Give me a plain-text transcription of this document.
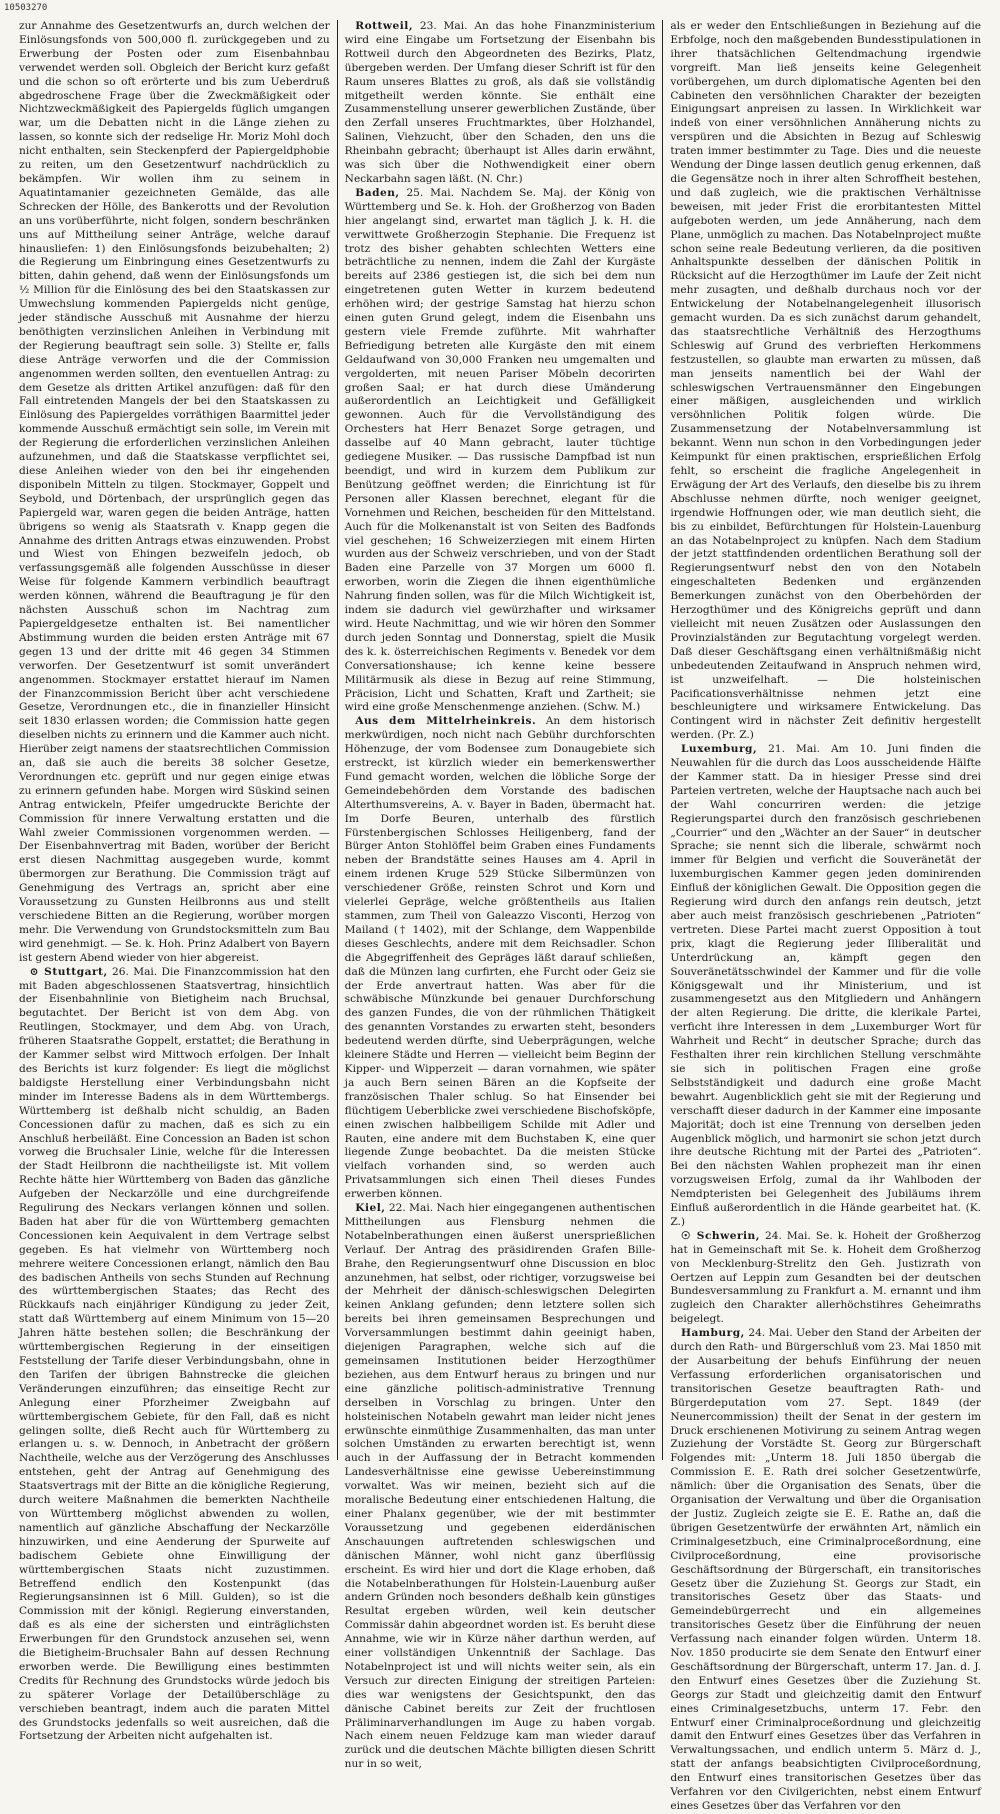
10503270

zur Annahme des Gesetzentwurfs an, durch welchen der Einlösungsfonds von 500,000 fl. zurückgegeben und zu Erwerbung der Posten oder zum Eisenbahnbau verwendet werden soll. Obgleich der Bericht kurz gefaßt und die schon so oft erörterte und bis zum Ueberdruß abgedroschene Frage über die Zweckmäßigkeit oder Nichtzweckmäßigkeit des Papiergelds füglich umgangen war, um die Debatten nicht in die Länge ziehen zu lassen, so konnte sich der redselige Hr. Moriz Mohl doch nicht enthalten, sein Steckenpferd der Papiergeldphobie zu reiten, um den Gesetzentwurf nachdrücklich zu bekämpfen. Wir wollen ihm zu seinem in Aquatintamanier gezeichneten Gemälde, das alle Schrecken der Hölle, des Bankerotts und der Revolution an uns vorüberführte, nicht folgen, sondern beschränken uns auf Mittheilung seiner Anträge, welche darauf hinausliefen: 1) den Einlösungsfonds beizubehalten; 2) die Regierung um Einbringung eines Gesetzentwurfs zu bitten, dahin gehend, daß wenn der Einlösungsfonds um ½ Million für die Einlösung des bei den Staatskassen zur Umwechslung kommenden Papiergelds nicht genüge, jeder ständische Ausschuß mit Ausnahme der hierzu benöthigten verzinslichen Anleihen in Verbindung mit der Regierung beauftragt sein solle. 3) Stellte er, falls diese Anträge verworfen und die der Commission angenommen werden sollten, den eventuellen Antrag: zu dem Gesetze als dritten Artikel anzufügen: daß für den Fall eintretenden Mangels der bei den Staatskassen zu Einlösung des Papiergeldes vorräthigen Baarmittel jeder kommende Ausschuß ermächtigt sein solle, im Verein mit der Regierung die erforderlichen verzinslichen Anleihen aufzunehmen, und daß die Staatskasse verpflichtet sei, diese Anleihen wieder von den bei ihr eingehenden disponibeln Mitteln zu tilgen. Stockmayer, Goppelt und Seybold, und Dörtenbach, der ursprünglich gegen das Papiergeld war, waren gegen die beiden Anträge, hatten übrigens so wenig als Staatsrath v. Knapp gegen die Annahme des dritten Antrags etwas einzuwenden. Probst und Wiest von Ehingen bezweifeln jedoch, ob verfassungsgemäß alle folgenden Ausschüsse in dieser Weise für folgende Kammern verbindlich beauftragt werden können, während die Beauftragung je für den nächsten Ausschuß schon im Nachtrag zum Papiergeldgesetze enthalten ist. Bei namentlicher Abstimmung wurden die beiden ersten Anträge mit 67 gegen 13 und der dritte mit 46 gegen 34 Stimmen verworfen. Der Gesetzentwurf ist somit unverändert angenommen. Stockmayer erstattet hierauf im Namen der Finanzcommission Bericht über acht verschiedene Gesetze, Verordnungen etc., die in finanzieller Hinsicht seit 1830 erlassen worden; die Commission hatte gegen dieselben nichts zu erinnern und die Kammer auch nicht. Hierüber zeigt namens der staatsrechtlichen Commission an, daß sie auch die bereits 38 solcher Gesetze, Verordnungen etc. geprüft und nur gegen einige etwas zu erinnern gefunden habe. Morgen wird Süskind seinen Antrag entwickeln, Pfeifer umgedruckte Berichte der Commission für innere Verwaltung erstatten und die Wahl zweier Commissionen vorgenommen werden. — Der Eisenbahnvertrag mit Baden, worüber der Bericht erst diesen Nachmittag ausgegeben wurde, kommt übermorgen zur Berathung. Die Commission trägt auf Genehmigung des Vertrags an, spricht aber eine Voraussetzung zu Gunsten Heilbronns aus und stellt verschiedene Bitten an die Regierung, worüber morgen mehr. Die Verwendung von Grundstocksmitteln zum Bau wird genehmigt. — Se. k. Hoh. Prinz Adalbert von Bayern ist gestern Abend wieder von hier abgereist.

⊙ Stuttgart, 26. Mai. Die Finanzcommission hat den mit Baden abgeschlossenen Staatsvertrag, hinsichtlich der Eisenbahnlinie von Bietigheim nach Bruchsal, begutachtet. Der Bericht ist von dem Abg. von Reutlingen, Stockmayer, und dem Abg. von Urach, früheren Staatsrathe Goppelt, erstattet; die Berathung in der Kammer selbst wird Mittwoch erfolgen. Der Inhalt des Berichts ist kurz folgender: Es liegt die möglichst baldigste Herstellung einer Verbindungsbahn nicht minder im Interesse Badens als in dem Württembergs. Württemberg ist deßhalb nicht schuldig, an Baden Concessionen dafür zu machen, daß es sich zu ein Anschluß herbeiläßt. Eine Concession an Baden ist schon vorweg die Bruchsaler Linie, welche für die Interessen der Stadt Heilbronn die nachtheiligste ist. Mit vollem Rechte hätte hier Württemberg von Baden das gänzliche Aufgeben der Neckarzölle und eine durchgreifende Regulirung des Neckars verlangen können und sollen. Baden hat aber für die von Württemberg gemachten Concessionen kein Aequivalent in dem Vertrage selbst gegeben. Es hat vielmehr von Württemberg noch mehrere weitere Concessionen erlangt, nämlich den Bau des badischen Antheils von sechs Stunden auf Rechnung des württembergischen Staates; das Recht des Rückkaufs nach einjähriger Kündigung zu jeder Zeit, statt daß Württemberg auf einem Minimum von 15—20 Jahren hätte bestehen sollen; die Beschränkung der württembergischen Regierung in der einseitigen Feststellung der Tarife dieser Verbindungsbahn, ohne in den Tarifen der übrigen Bahnstrecke die gleichen Veränderungen einzuführen; das einseitige Recht zur Anlegung einer Pforzheimer Zweigbahn auf württembergischem Gebiete, für den Fall, daß es nicht gelingen sollte, dieß Recht auch für Württemberg zu erlangen u. s. w. Dennoch, in Anbetracht der größern Nachtheile, welche aus der Verzögerung des Anschlusses entstehen, geht der Antrag auf Genehmigung des Staatsvertrags mit der Bitte an die königliche Regierung, durch weitere Maßnahmen die bemerkten Nachtheile von Württemberg möglichst abwenden zu wollen, namentlich auf gänzliche Abschaffung der Neckarzölle hinzuwirken, und eine Aenderung der Spurweite auf badischem Gebiete ohne Einwilligung der württembergischen Staats nicht zuzustimmen. Betreffend endlich den Kostenpunkt (das Regierungsansinnen ist 6 Mill. Gulden), so ist die Commission mit der königl. Regierung einverstanden, daß es als eine der sichersten und einträglichsten Erwerbungen für den Grundstock anzusehen sei, wenn die Bietigheim-Bruchsaler Bahn auf dessen Rechnung erworben werde. Die Bewilligung eines bestimmten Credits für Rechnung des Grundstocks würde jedoch bis zu späterer Vorlage der Detailüberschläge zu verschieben beantragt, indem auch die paraten Mittel des Grundstocks jedenfalls so weit ausreichen, daß die Fortsetzung der Arbeiten nicht aufgehalten ist.

Rottweil, 23. Mai. An das hohe Finanzministerium wird eine Eingabe um Fortsetzung der Eisenbahn bis Rottweil durch den Abgeordneten des Bezirks, Platz, übergeben werden. Der Umfang dieser Schrift ist für den Raum unseres Blattes zu groß, als daß sie vollständig mitgetheilt werden könnte. Sie enthält eine Zusammenstellung unserer gewerblichen Zustände, über den Zerfall unseres Fruchtmarktes, über Holzhandel, Salinen, Viehzucht, über den Schaden, den uns die Rheinbahn gebracht; überhaupt ist Alles darin erwähnt, was sich über die Nothwendigkeit einer obern Neckarbahn sagen läßt. (N. Chr.)

Baden, 25. Mai. Nachdem Se. Maj. der König von Württemberg und Se. k. Hoh. der Großherzog von Baden hier angelangt sind, erwartet man täglich J. k. H. die verwittwete Großherzogin Stephanie. Die Frequenz ist trotz des bisher gehabten schlechten Wetters eine beträchtliche zu nennen, indem die Zahl der Kurgäste bereits auf 2386 gestiegen ist, die sich bei dem nun eingetretenen guten Wetter in kurzem bedeutend erhöhen wird; der gestrige Samstag hat hierzu schon einen guten Grund gelegt, indem die Eisenbahn uns gestern viele Fremde zuführte. Mit wahrhafter Befriedigung betreten alle Kurgäste den mit einem Geldaufwand von 30,000 Franken neu umgemalten und vergolderten, mit neuen Pariser Möbeln decorirten großen Saal; er hat durch diese Umänderung außerordentlich an Leichtigkeit und Gefälligkeit gewonnen. Auch für die Vervollständigung des Orchesters hat Herr Benazet Sorge getragen, und dasselbe auf 40 Mann gebracht, lauter tüchtige gediegene Musiker. — Das russische Dampfbad ist nun beendigt, und wird in kurzem dem Publikum zur Benützung geöffnet werden; die Einrichtung ist für Personen aller Klassen berechnet, elegant für die Vornehmen und Reichen, bescheiden für den Mittelstand. Auch für die Molkenanstalt ist von Seiten des Badfonds viel geschehen; 16 Schweizerziegen mit einem Hirten wurden aus der Schweiz verschrieben, und von der Stadt Baden eine Parzelle von 37 Morgen um 6000 fl. erworben, worin die Ziegen die ihnen eigenthümliche Nahrung finden sollen, was für die Milch Wichtigkeit ist, indem sie dadurch viel gewürzhafter und wirksamer wird. Heute Nachmittag, und wie wir hören den Sommer durch jeden Sonntag und Donnerstag, spielt die Musik des k. k. österreichischen Regiments v. Benedek vor dem Conversationshause; ich kenne keine bessere Militärmusik als diese in Bezug auf reine Stimmung, Präcision, Licht und Schatten, Kraft und Zartheit; sie wird eine große Menschenmenge anziehen. (Schw. M.)

Aus dem Mittelrheinkreis. An dem historisch merkwürdigen, noch nicht nach Gebühr durchforschten Höhenzuge, der vom Bodensee zum Donaugebiete sich erstreckt, ist kürzlich wieder ein bemerkenswerther Fund gemacht worden, welchen die löbliche Sorge der Gemeindebehörden dem Vorstande des badischen Alterthumsvereins, A. v. Bayer in Baden, übermacht hat. Im Dorfe Beuren, unterhalb des fürstlich Fürstenbergischen Schlosses Heiligenberg, fand der Bürger Anton Stohlöffel beim Graben eines Fundaments neben der Brandstätte seines Hauses am 4. April in einem irdenen Kruge 529 Stücke Silbermünzen von verschiedener Größe, reinsten Schrot und Korn und vielerlei Gepräge, welche größtentheils aus Italien stammen, zum Theil von Galeazzo Visconti, Herzog von Mailand († 1402), mit der Schlange, dem Wappenbilde dieses Geschlechts, andere mit dem Reichsadler. Schon die Abgegriffenheit des Gepräges läßt darauf schließen, daß die Münzen lang curfirten, ehe Furcht oder Geiz sie der Erde anvertraut hatten. Was aber für die schwäbische Münzkunde bei genauer Durchforschung des ganzen Fundes, die von der rühmlichen Thätigkeit des genannten Vorstandes zu erwarten steht, besonders bedeutend werden dürfte, sind Ueberprägungen, welche kleinere Städte und Herren — vielleicht beim Beginn der Kipper- und Wipperzeit — daran vornahmen, wie später ja auch Bern seinen Bären an die Kopfseite der französischen Thaler schlug. So hat Einsender bei flüchtigem Ueberblicke zwei verschiedene Bischofsköpfe, einen zwischen halbbeiligem Schilde mit Adler und Rauten, eine andere mit dem Buchstaben K, eine quer liegende Zunge beobachtet. Da die meisten Stücke vielfach vorhanden sind, so werden auch Privatsammlungen sich einen Theil dieses Fundes erwerben können.

Kiel, 22. Mai. Nach hier eingegangenen authentischen Mittheilungen aus Flensburg nehmen die Notabelnberathungen einen äußerst unersprießlichen Verlauf. Der Antrag des präsidirenden Grafen Bille-Brahe, den Regierungsentwurf ohne Discussion en bloc anzunehmen, hat selbst, oder richtiger, vorzugsweise bei der Mehrheit der dänisch-schleswigschen Delegirten keinen Anklang gefunden; denn letztere sollen sich bereits bei ihren gemeinsamen Besprechungen und Vorversammlungen bestimmt dahin geeinigt haben, diejenigen Paragraphen, welche sich auf die gemeinsamen Institutionen beider Herzogthümer beziehen, aus dem Entwurf heraus zu bringen und nur eine gänzliche politisch-administrative Trennung derselben in Vorschlag zu bringen. Unter den holsteinischen Notabeln gewahrt man leider nicht jenes erwünschte einmüthige Zusammenhalten, das man unter solchen Umständen zu erwarten berechtigt ist, wenn auch in der Auffassung der in Betracht kommenden Landesverhältnisse eine gewisse Uebereinstimmung vorwaltet. Was wir meinen, bezieht sich auf die moralische Bedeutung einer entschiedenen Haltung, die einer Phalanx gegenüber, wie der mit bestimmter Voraussetzung und gegebenen eiderdänischen Anschauungen auftretenden schleswigschen und dänischen Männer, wohl nicht ganz überflüssig erscheint. Es wird hier und dort die Klage erhoben, daß die Notabelnberathungen für Holstein-Lauenburg außer andern Gründen noch besonders deßhalb kein günstiges Resultat ergeben würden, weil kein deutscher Commissär dahin abgeordnet worden ist. Es beruht diese Annahme, wie wir in Kürze näher darthun werden, auf einer vollständigen Unkenntniß der Sachlage. Das Notabelnproject ist und will nichts weiter sein, als ein Versuch zur directen Einigung der streitigen Parteien: dies war wenigstens der Gesichtspunkt, den das dänische Cabinet bereits zur Zeit der fruchtlosen Präliminarverhandlungen im Auge zu haben vorgab. Nach einem neuen Feldzuge kam man wieder darauf zurück und die deutschen Mächte billigten diesen Schritt nur in so weit,

als er weder den Entschließungen in Beziehung auf die Erbfolge, noch den maßgebenden Bundesstipulationen in ihrer thatsächlichen Geltendmachung irgendwie vorgreift. Man ließ jenseits keine Gelegenheit vorübergehen, um durch diplomatische Agenten bei den Cabineten den versöhnlichen Charakter der bezeigten Einigungsart anpreisen zu lassen. In Wirklichkeit war indeß von einer versöhnlichen Annäherung nichts zu verspüren und die Absichten in Bezug auf Schleswig traten immer bestimmter zu Tage. Dies und die neueste Wendung der Dinge lassen deutlich genug erkennen, daß die Gegensätze noch in ihrer alten Schroffheit bestehen, und daß zugleich, wie die praktischen Verhältnisse beweisen, mit jeder Frist die erorbitantesten Mittel aufgeboten werden, um jede Annäherung, nach dem Plane, unmöglich zu machen. Das Notabelnproject mußte schon seine reale Bedeutung verlieren, da die positiven Anhaltspunkte desselben der dänischen Politik in Rücksicht auf die Herzogthümer im Laufe der Zeit nicht mehr zusagten, und deßhalb durchaus noch vor der Entwickelung der Notabelnangelegenheit illusorisch gemacht wurden. Da es sich zunächst darum gehandelt, das staatsrechtliche Verhältniß des Herzogthums Schleswig auf Grund des verbrieften Herkommens festzustellen, so glaubte man erwarten zu müssen, daß man jenseits namentlich bei der Wahl der schleswigschen Vertrauensmänner den Eingebungen einer mäßigen, ausgleichenden und wirklich versöhnlichen Politik folgen würde. Die Zusammensetzung der Notabelnversammlung ist bekannt. Wenn nun schon in den Vorbedingungen jeder Keimpunkt für einen praktischen, ersprießlichen Erfolg fehlt, so erscheint die fragliche Angelegenheit in Erwägung der Art des Verlaufs, den dieselbe bis zu ihrem Abschlusse nehmen dürfte, noch weniger geeignet, irgendwie Hoffnungen oder, wie man deutlich sieht, die bis zu einbildet, Befürchtungen für Holstein-Lauenburg an das Notabelnproject zu knüpfen. Nach dem Stadium der jetzt stattfindenden ordentlichen Berathung soll der Regierungsentwurf nebst den von den Notabeln eingeschalteten Bedenken und ergänzenden Bemerkungen zunächst von den Oberbehörden der Herzogthümer und des Königreichs geprüft und dann vielleicht mit neuen Zusätzen oder Auslassungen den Provinzialständen zur Begutachtung vorgelegt werden. Daß dieser Geschäftsgang einen verhältnißmäßig nicht unbedeutenden Zeitaufwand in Anspruch nehmen wird, ist unzweifelhaft. — Die holsteinischen Pacificationsverhältnisse nehmen jetzt eine beschleunigtere und wirksamere Entwickelung. Das Contingent wird in nächster Zeit definitiv hergestellt werden. (Pr. Z.)

Luxemburg, 21. Mai. Am 10. Juni finden die Neuwahlen für die durch das Loos ausscheidende Hälfte der Kammer statt. Da in hiesiger Presse sind drei Parteien vertreten, welche der Hauptsache nach auch bei der Wahl concurriren werden: die jetzige Regierungspartei durch den französisch geschriebenen „Courrier“ und den „Wächter an der Sauer“ in deutscher Sprache; sie nennt sich die liberale, schwärmt noch immer für Belgien und verficht die Souveränetät der luxemburgischen Kammer gegen jeden dominirenden Einfluß der königlichen Gewalt. Die Opposition gegen die Regierung wird durch den anfangs rein deutsch, jetzt aber auch meist französisch geschriebenen „Patrioten“ vertreten. Diese Partei macht zuerst Opposition à tout prix, klagt die Regierung jeder Illiberalität und Unterdrückung an, kämpft gegen den Souveränetätsschwindel der Kammer und für die volle Königsgewalt und ihr Ministerium, und ist zusammengesetzt aus den Mitgliedern und Anhängern der alten Regierung. Die dritte, die klerikale Partei, verficht ihre Interessen in dem „Luxemburger Wort für Wahrheit und Recht“ in deutscher Sprache; durch das Festhalten ihrer rein kirchlichen Stellung verschmähte sie sich in politischen Fragen eine große Selbstständigkeit und dadurch eine große Macht bewahrt. Augenblicklich geht sie mit der Regierung und verschafft dieser dadurch in der Kammer eine imposante Majorität; doch ist eine Trennung von derselben jeden Augenblick möglich, und harmonirt sie schon jetzt durch ihre deutsche Richtung mit der Partei des „Patrioten“. Bei den nächsten Wahlen prophezeit man ihr einen vorzugsweisen Erfolg, zumal da ihr Wahlboden der Nemdpteristen bei Gelegenheit des Jubiläums ihrem Einfluß außerordentlich in die Hände gearbeitet hat. (K. Z.)

☉ Schwerin, 24. Mai. Se. k. Hoheit der Großherzog hat in Gemeinschaft mit Se. k. Hoheit dem Großherzog von Mecklenburg-Strelitz den Geh. Justizrath von Oertzen auf Leppin zum Gesandten bei der deutschen Bundesversammlung zu Frankfurt a. M. ernannt und ihm zugleich den Charakter allerhöchstihres Geheimraths beigelegt.

Hamburg, 24. Mai. Ueber den Stand der Arbeiten der durch den Rath- und Bürgerschluß vom 23. Mai 1850 mit der Ausarbeitung der behufs Einführung der neuen Verfassung erforderlichen organisatorischen und transitorischen Gesetze beauftragten Rath- und Bürgerdeputation vom 27. Sept. 1849 (der Neunercommission) theilt der Senat in der gestern im Druck erschienenen Motivirung zu seinem Antrag wegen Zuziehung der Vorstädte St. Georg zur Bürgerschaft Folgendes mit: „Unterm 18. Juli 1850 übergab die Commission E. E. Rath drei solcher Gesetzentwürfe, nämlich: über die Organisation des Senats, über die Organisation der Verwaltung und über die Organisation der Justiz. Zugleich zeigte sie E. E. Rathe an, daß die übrigen Gesetzentwürfe der erwähnten Art, nämlich ein Criminalgesetzbuch, eine Criminalproceßordnung, eine Civilproceßordnung, eine provisorische Geschäftsordnung der Bürgerschaft, ein transitorisches Gesetz über die Zuziehung St. Georgs zur Stadt, ein transitorisches Gesetz über das Staats- und Gemeindebürgerrecht und ein allgemeines transitorisches Gesetz über die Einführung der neuen Verfassung nach einander folgen würden. Unterm 18. Nov. 1850 producirte sie dem Senate den Entwurf einer Geschäftsordnung der Bürgerschaft, unterm 17. Jan. d. J. den Entwurf eines Gesetzes über die Zuziehung St. Georgs zur Stadt und gleichzeitig damit den Entwurf eines Criminalgesetzbuchs, unterm 17. Febr. den Entwurf einer Criminalproceßordnung und gleichzeitig damit den Entwurf eines Gesetzes über das Verfahren in Verwaltungssachen, und endlich unterm 5. März d. J., statt der anfangs beabsichtigten Civilproceßordnung, den Entwurf eines transitorischen Gesetzes über das Verfahren vor den Civilgerichten, nebst einem Entwurf eines Gesetzes über das Verfahren vor den
